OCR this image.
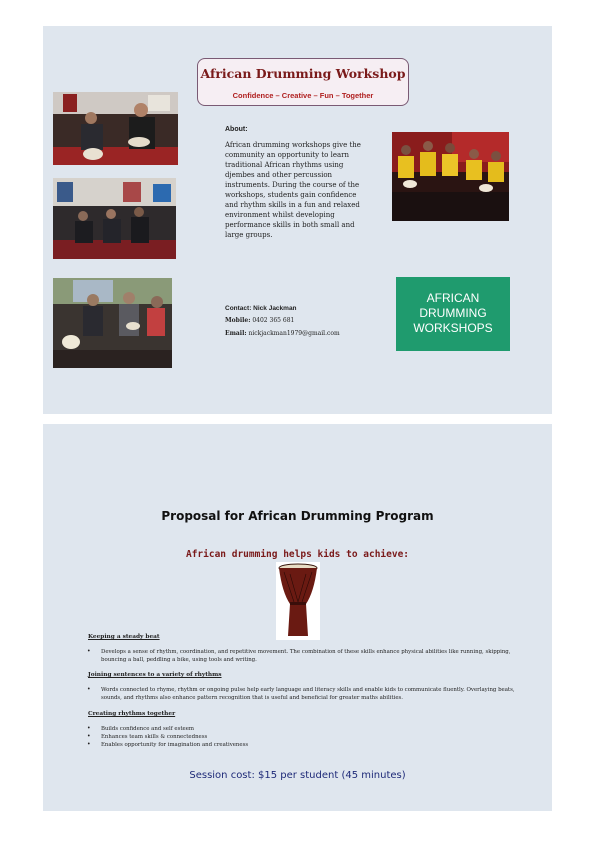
African Drumming Workshop
Confidence – Creative – Fun – Together
About:
African drumming workshops give the community an opportunity to learn traditional African rhythms using djembes and other percussion instruments. During the course of the workshops, students gain confidence and rhythm skills in a fun and relaxed environment whilst developing performance skills in both small and large groups.
Contact: Nick Jackman
Mobile: 0402 365 681
Email: nickjackman1979@gmail.com
AFRICAN
DRUMMING
WORKSHOPS
Proposal for African Drumming Program
African drumming helps kids to achieve:
Keeping a steady beat
• Develops a sense of rhythm, coordination, and repetitive movement. The combination of these skills enhance physical abilities like running, skipping, bouncing a ball, peddling a bike, using tools and writing.
Joining sentences to a variety of rhythms
• Words connected to rhyme, rhythm or ongoing pulse help early language and literacy skills and enable kids to communicate fluently. Overlaying beats, sounds, and rhythms also enhance pattern recognition that is useful and beneficial for greater maths abilities.
Creating rhythms together
• Builds confidence and self esteem
• Enhances team skills & connectedness
• Enables opportunity for imagination and creativeness
Session cost: $15 per student (45 minutes)
